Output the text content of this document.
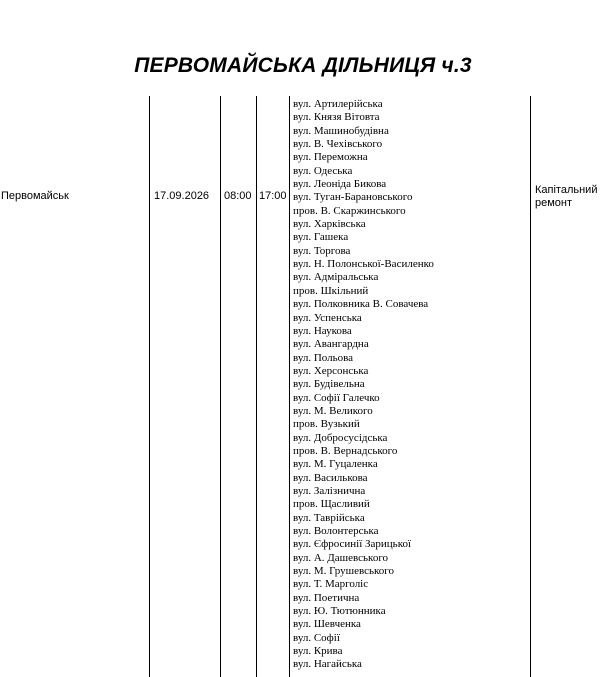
ПЕРВОМАЙСЬКА ДІЛЬНИЦЯ ч.3
Первомайськ	17.09.2026 08:00 17:00
вул. Артилерійська
вул. Князя Вітовта
вул. Машинобудівна
вул. В. Чехівського
вул. Переможна
вул. Одеська
вул. Леоніда Бикова
вул. Туган-Барановського
пров. В. Скаржинського
вул. Харківська
вул. Гашека
вул. Торгова
вул. Н. Полонської-Василенко
вул. Адміральська
пров. Шкільний
вул. Полковника В. Совачева
вул. Успенська
вул. Наукова
вул. Авангардна
вул. Польова
вул. Херсонська
вул. Будівельна
вул. Софії Галечко
вул. М. Великого
пров. Вузький
вул. Добросусідська
пров. В. Вернадського
вул. М. Гуцаленка
вул. Василькова
вул. Залізнична
пров. Щасливий
вул. Таврійська
вул. Волонтерська
вул. Єфросинії Зарицької
вул. А. Дашевського
вул. М. Грушевського
вул. Т. Марголіс
вул. Поетична
вул. Ю. Тютюнника
вул. Шевченка
вул. Софії
вул. Крива
вул. Нагайська
Капітальний
ремонт
